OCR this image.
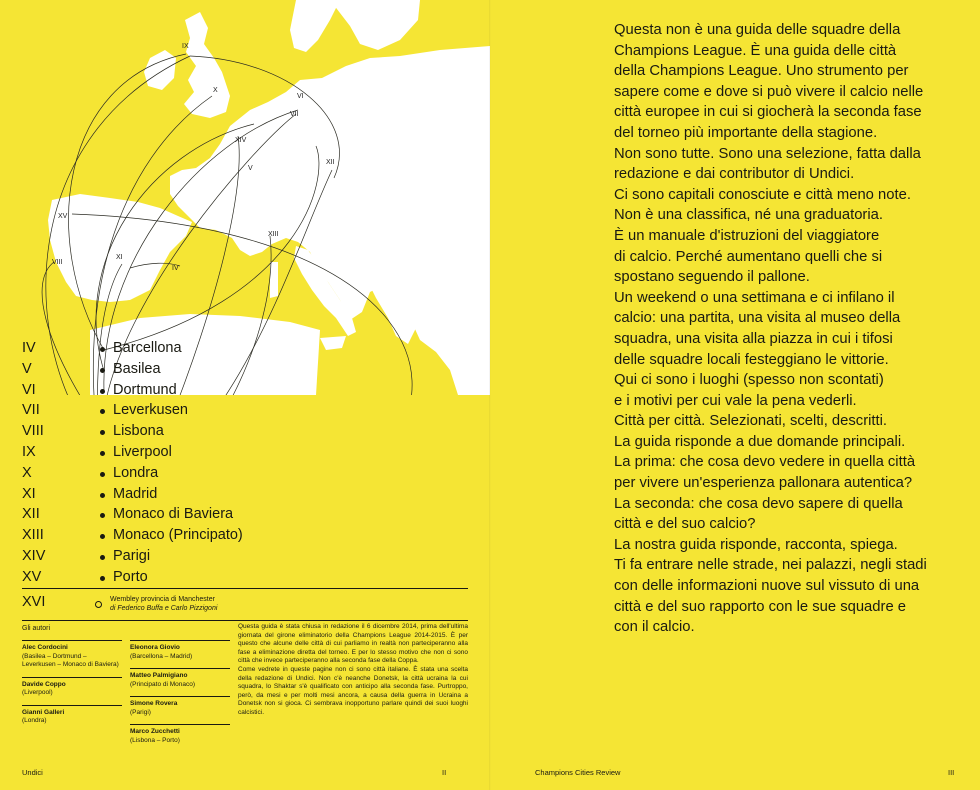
IX
X
VI
VII
XIV
V
XII
XV
XIII
VIII
XI
IV
IV	Barcellona
V	Basilea
VI	Dortmund
VII	Leverkusen
VIII	Lisbona
IX	Liverpool
X	Londra
XI	Madrid
XII	Monaco di Baviera
XIII	Monaco (Principato)
XIV	Parigi
XV	Porto
XVI	Wembley provincia di Manchester
di Federico Buffa e Carlo Pizzigoni
Gli autori
Alec Cordocini
(Basilea – Dortmund – Leverkusen – Monaco di Baviera)
Davide Coppo
(Liverpool)
Gianni Galleri
(Londra)
Eleonora Giovio
(Barcellona – Madrid)
Matteo Palmigiano
(Principato di Monaco)
Simone Rovera
(Parigi)
Marco Zucchetti
(Lisbona – Porto)

Questa guida è stata chiusa in redazione il 6 dicembre 2014, prima dell'ultima giornata del girone eliminatorio della Champions League 2014-2015. È per questo che alcune delle città di cui parliamo in realtà non parteciperanno alla fase a eliminazione diretta del torneo. E per lo stesso motivo che non ci sono città che invece parteciperanno alla seconda fase della Coppa.

Come vedrete in queste pagine non ci sono città italiane. È stata una scelta della redazione di Undici. Non c'è neanche Donetsk, la città ucraina la cui squadra, lo Shaktar s'è qualificato con anticipo alla seconda fase. Purtroppo, però, da mesi e per molti mesi ancora, a causa della guerra in Ucraina a Donetsk non si gioca. Ci sembrava inopportuno parlare quindi dei suoi luoghi calcistici.

Undici	II
Questa non è una guida delle squadre della
Champions League. È una guida delle città
della Champions League. Uno strumento per
sapere come e dove si può vivere il calcio nelle
città europee in cui si giocherà la seconda fase
del torneo più importante della stagione.
Non sono tutte. Sono una selezione, fatta dalla
redazione e dai contributor di Undici.
Ci sono capitali conosciute e città meno note.
Non è una classifica, né una graduatoria.
È un manuale d'istruzioni del viaggiatore
di calcio. Perché aumentano quelli che si
spostano seguendo il pallone.
Un weekend o una settimana e ci infilano il
calcio: una partita, una visita al museo della
squadra, una visita alla piazza in cui i tifosi
delle squadre locali festeggiano le vittorie.
Qui ci sono i luoghi (spesso non scontati)
e i motivi per cui vale la pena vederli.
Città per città. Selezionati, scelti, descritti.
La guida risponde a due domande principali.
La prima: che cosa devo vedere in quella città
per vivere un'esperienza pallonara autentica?
La seconda: che cosa devo sapere di quella
città e del suo calcio?
La nostra guida risponde, racconta, spiega.
Ti fa entrare nelle strade, nei palazzi, negli stadi
con delle informazioni nuove sul vissuto di una
città e del suo rapporto con le sue squadre e
con il calcio.
Champions Cities Review	III
